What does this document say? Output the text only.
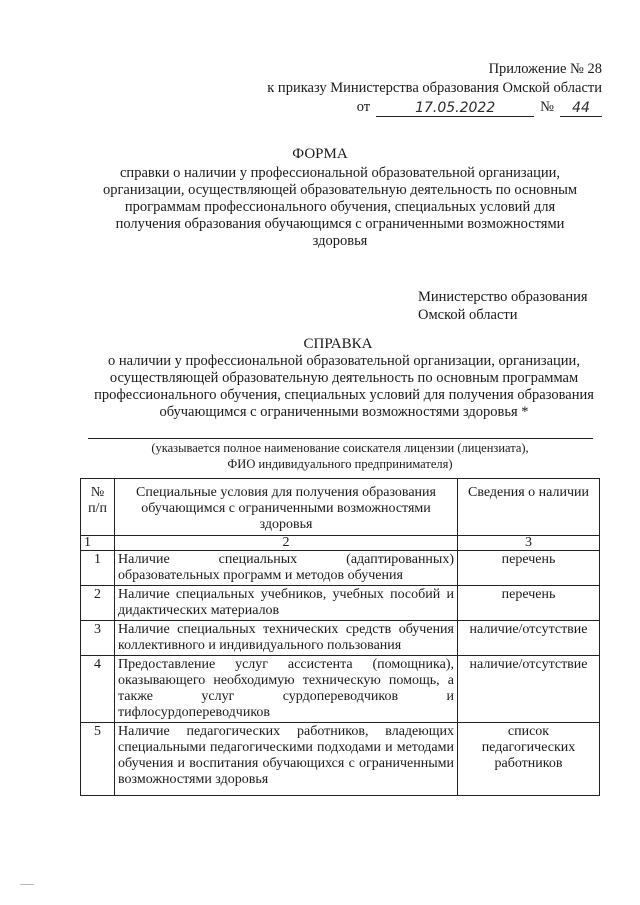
Приложение № 28
к приказу Министерства образования Омской области
от	17.05.2022	№	44
ФОРМА
справки о наличии у профессиональной образовательной организации, организации, осуществляющей образовательную деятельность по основным программам профессионального обучения, специальных условий для получения образования обучающимся с ограниченными возможностями здоровья
Министерство образования
Омской области
СПРАВКА
о наличии у профессиональной образовательной организации, организации, осуществляющей образовательную деятельность по основным программам профессионального обучения, специальных условий для получения образования обучающимся с ограниченными возможностями здоровья *
(указывается полное наименование соискателя лицензии (лицензиата),
ФИО индивидуального предпринимателя)
№ п/п	Специальные условия для получения образования обучающимся с ограниченными возможностями здоровья	Сведения о наличии
1	2	3
1	Наличие специальных (адаптированных) образовательных программ и методов обучения	перечень
2	Наличие специальных учебников, учебных пособий и дидактических материалов	перечень
3	Наличие специальных технических средств обучения коллективного и индивидуального пользования	наличие/отсутствие
4	Предоставление услуг ассистента (помощника), оказывающего необходимую техническую помощь, а также услуг сурдопереводчиков и тифлосурдопереводчиков	наличие/отсутствие
5	Наличие педагогических работников, владеющих специальными педагогическими подходами и методами обучения и воспитания обучающихся с ограниченными возможностями здоровья	список педагогических работников
